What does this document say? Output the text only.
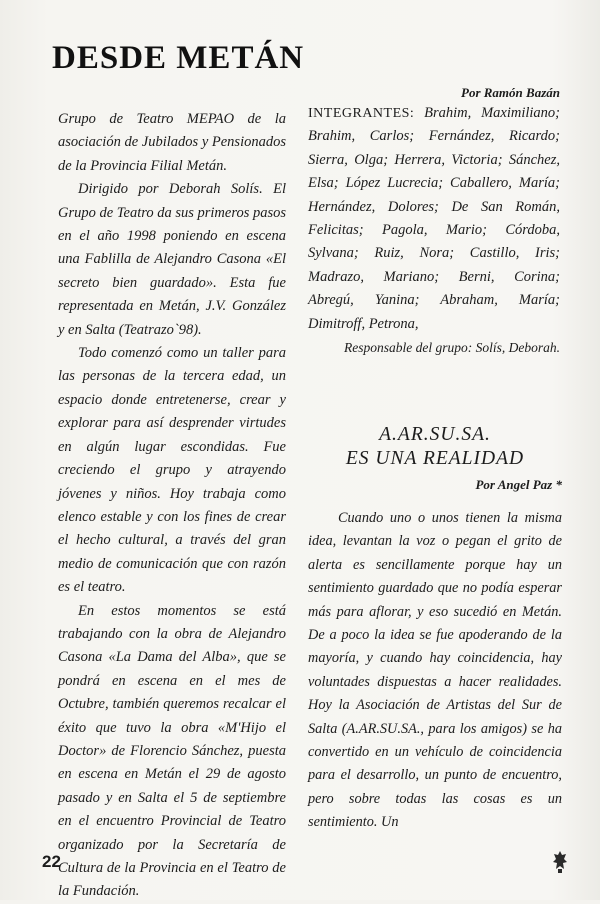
DESDE METÁN

Grupo de Teatro MEPAO de la asociación de Jubilados y Pensionados de la Provincia Filial Metán.

Dirigido por Deborah Solís. El Grupo de Teatro da sus primeros pasos en el año 1998 poniendo en escena una Fablilla de Alejandro Casona «El secreto bien guardado». Esta fue representada en Metán, J.V. González y en Salta (Teatrazo`98).

Todo comenzó como un taller para las personas de la tercera edad, un espacio donde entretenerse, crear y explorar para así desprender virtudes en algún lugar escondidas. Fue creciendo el grupo y atrayendo jóvenes y niños. Hoy trabaja como elenco estable y con los fines de crear el hecho cultural, a través del gran medio de comunicación que con razón es el teatro.

En estos momentos se está trabajando con la obra de Alejandro Casona «La Dama del Alba», que se pondrá en escena en el mes de Octubre, también queremos recalcar el éxito que tuvo la obra «M'Hijo el Doctor» de Florencio Sánchez, puesta en escena en Metán el 29 de agosto pasado y en Salta el 5 de septiembre en el encuentro Provincial de Teatro organizado por la Secretaría de Cultura de la Provincia en el Teatro de la Fundación.

Por Ramón Bazán

INTEGRANTES: Brahim, Maximiliano; Brahim, Carlos; Fernández, Ricardo; Sierra, Olga; Herrera, Victoria; Sánchez, Elsa; López Lucrecia; Caballero, María; Hernández, Dolores; De San Román, Felicitas; Pagola, Mario; Córdoba, Sylvana; Ruiz, Nora; Castillo, Iris; Madrazo, Mariano; Berni, Corina; Abregú, Yanina; Abraham, María; Dimitroff, Petrona,

Responsable del grupo: Solís, Deborah.

A.AR.SU.SA.

ES UNA REALIDAD

Por Angel Paz *

Cuando uno o unos tienen la misma idea, levantan la voz o pegan el grito de alerta es sencillamente porque hay un sentimiento guardado que no podía esperar más para aflorar, y eso sucedió en Metán. De a poco la idea se fue apoderando de la mayoría, y cuando hay coincidencia, hay voluntades dispuestas a hacer realidades. Hoy la Asociación de Artistas del Sur de Salta (A.AR.SU.SA., para los amigos) se ha convertido en un vehículo de coincidencia para el desarrollo, un punto de encuentro, pero sobre todas las cosas es un sentimiento. Un

22
